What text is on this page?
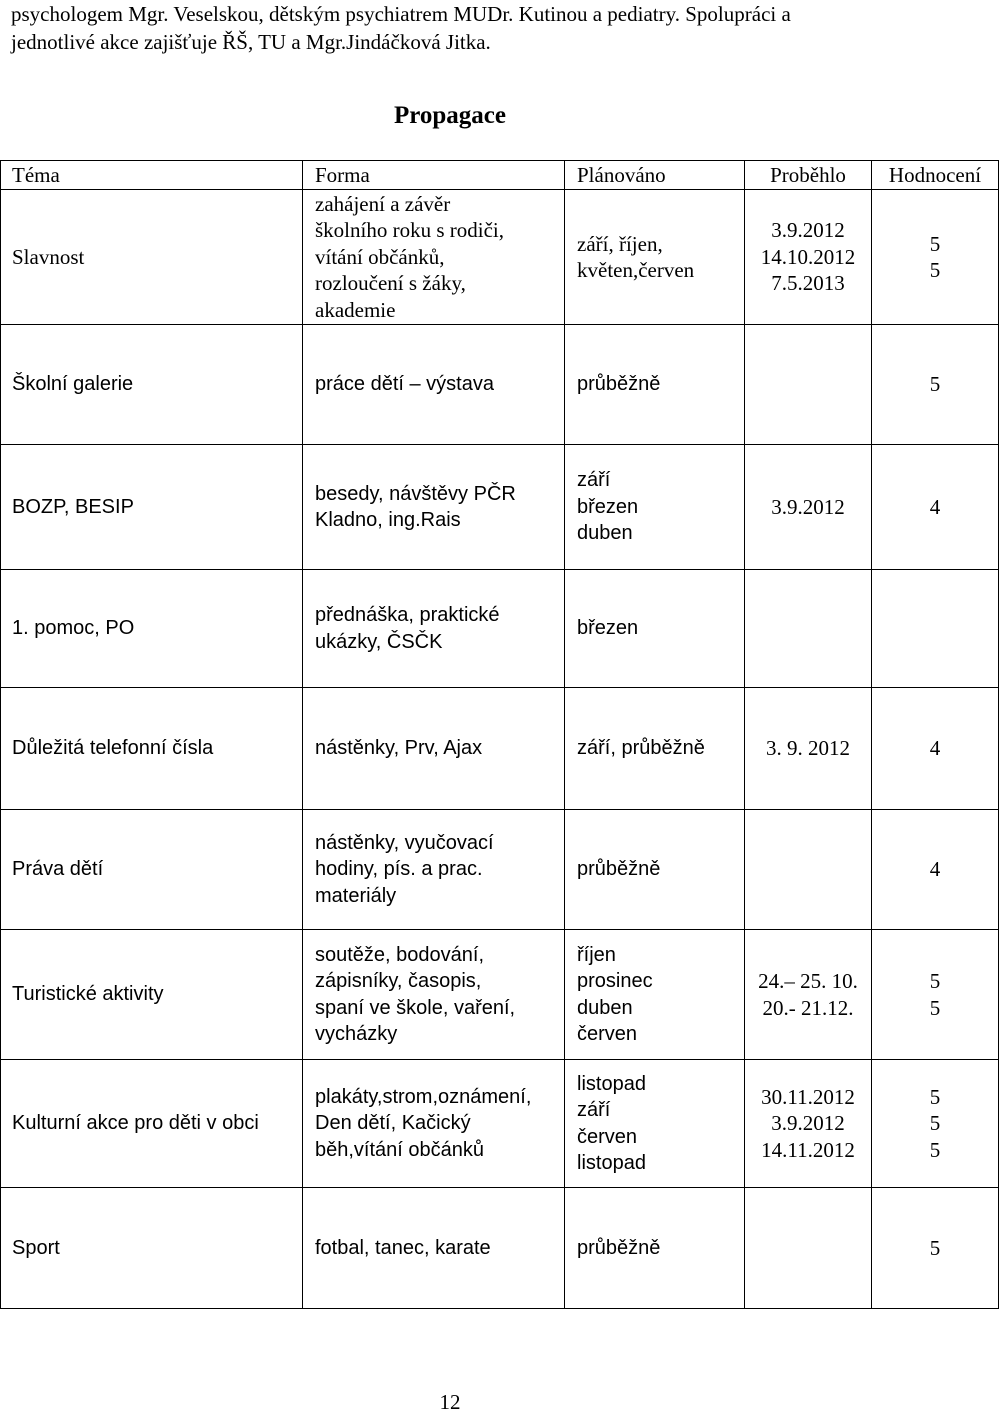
psychologem Mgr. Veselskou, dětským psychiatrem MUDr. Kutinou a pediatry. Spolupráci a
jednotlivé akce zajišťuje ŘŠ, TU a Mgr.Jindáčková Jitka.
Propagace
Téma	Forma	Plánováno	Proběhlo	Hodnocení

Slavnost	zahájení a závěr
školního roku s rodiči,
vítání občánků,
rozloučení s žáky,
akademie	září, říjen,
květen,červen	3.9.2012
14.10.2012
7.5.2013	5
5

Školní galerie	práce dětí – výstava	průběžně		5

BOZP, BESIP	besedy, návštěvy PČR
Kladno, ing.Rais	září
březen
duben	3.9.2012	4

1. pomoc, PO	přednáška, praktické
ukázky, ČSČK	březen		

Důležitá telefonní čísla	nástěnky, Prv, Ajax	září, průběžně	3. 9. 2012	4

Práva dětí	nástěnky, vyučovací
hodiny, pís. a prac.
materiály	průběžně		4

Turistické aktivity	soutěže, bodování,
zápisníky, časopis,
spaní ve škole, vaření,
vycházky	říjen
prosinec
duben
červen	24.– 25. 10.
20.- 21.12.	5
5

Kulturní akce pro děti v obci	plakáty,strom,oznámení,
Den dětí, Kačický
běh,vítání občánků	listopad
září
červen
listopad	30.11.2012
3.9.2012
14.11.2012	5
5
5

Sport	fotbal, tanec, karate	průběžně		5
12
